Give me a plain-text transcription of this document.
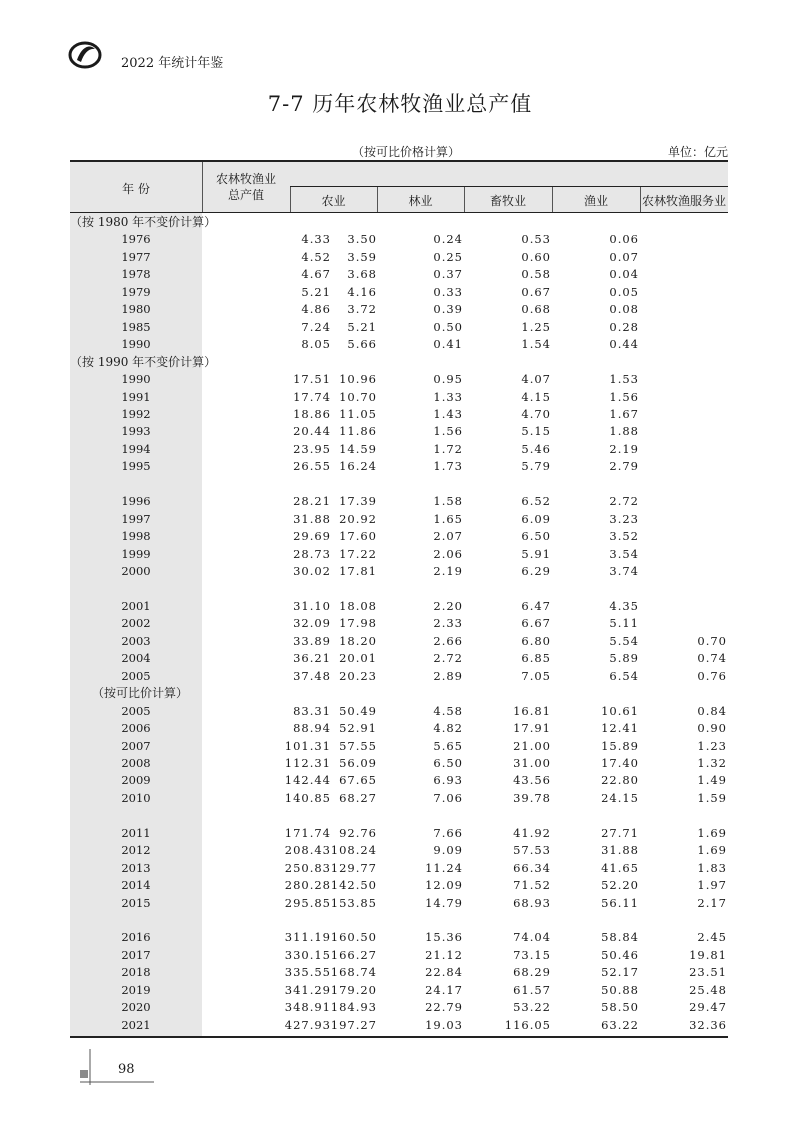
2022 年统计年鉴
7-7 历年农林牧渔业总产值
（按可比价格计算）	单位：亿元
年 份
农林牧渔业
总产值	农业	林业	畜牧业	渔业	农林牧渔服务业
（按 1980 年不变价计算）
1976	4.33 3.50	0.24	0.53	0.06
1977	4.52 3.59	0.25	0.60	0.07
1978	4.67 3.68	0.37	0.58	0.04
1979	5.21 4.16	0.33	0.67	0.05
1980	4.86 3.72	0.39	0.68	0.08
1985	7.24 5.21	0.50	1.25	0.28
1990	8.05 5.66	0.41	1.54	0.44
（按 1990 年不变价计算）
1990	17.51 10.96	0.95	4.07	1.53
1991	17.74 10.70	1.33	4.15	1.56
1992	18.86 11.05	1.43	4.70	1.67
1993	20.44 11.86	1.56	5.15	1.88
1994	23.95 14.59	1.72	5.46	2.19
1995	26.55 16.24	1.73	5.79	2.79
1996	28.21 17.39	1.58	6.52	2.72
1997	31.88 20.92	1.65	6.09	3.23
1998	29.69 17.60	2.07	6.50	3.52
1999	28.73 17.22	2.06	5.91	3.54
2000	30.02 17.81	2.19	6.29	3.74
2001	31.10 18.08	2.20	6.47	4.35
2002	32.09 17.98	2.33	6.67	5.11
2003	33.89 18.20	2.66	6.80	5.54	0.70
2004	36.21 20.01	2.72	6.85	5.89	0.74
2005	37.48 20.23	2.89	7.05	6.54	0.76
（按可比价计算）
2005	83.31 50.49	4.58	16.81	10.61	0.84
2006	88.94 52.91	4.82	17.91	12.41	0.90
2007	101.31 57.55	5.65	21.00	15.89	1.23
2008	112.31 56.09	6.50	31.00	17.40	1.32
2009	142.44 67.65	6.93	43.56	22.80	1.49
2010	140.85 68.27	7.06	39.78	24.15	1.59
2011	171.74 92.76	7.66	41.92	27.71	1.69
2012	208.43 108.24	9.09	57.53	31.88	1.69
2013	250.83 129.77	11.24	66.34	41.65	1.83
2014	280.28 142.50	12.09	71.52	52.20	1.97
2015	295.85 153.85	14.79	68.93	56.11	2.17
2016	311.19 160.50	15.36	74.04	58.84	2.45
2017	330.15 166.27	21.12	73.15	50.46	19.81
2018	335.55 168.74	22.84	68.29	52.17	23.51
2019	341.29 179.20	24.17	61.57	50.88	25.48
2020	348.91 184.93	22.79	53.22	58.50	29.47
2021	427.93 197.27	19.03	116.05	63.22	32.36
98
